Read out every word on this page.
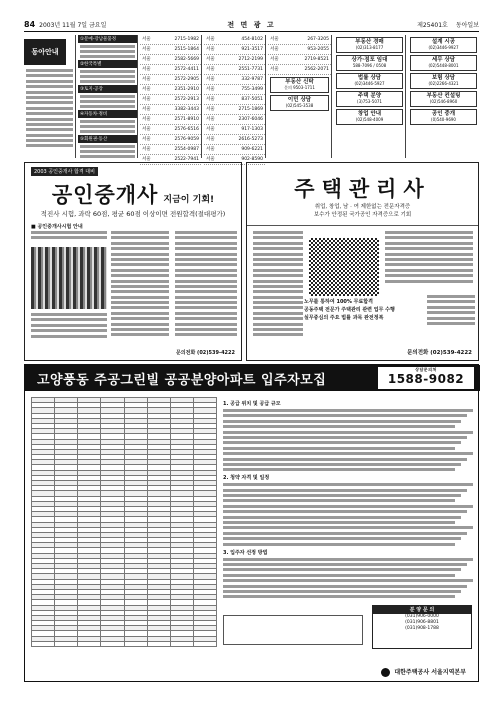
84 2003년 11월 7일 금요일	전 면 광 고	제25401호 동아일보
동아안내
①문예-강남물품정
②한국특별
③토지·공장
④자동차·정비
⑤회원권·동산
서울	2715-1982
서울	2515-1864
서울	2582-5669
서울	2572-4411
서울	2572-2905
서울	2351-2910
서울	2572-2913
서울	3382-3443
서울	2571-8910
서울	2576-6516
서울	2576-9059
서울	2554-0987
서울	2522-7941
서울	454-8102
서울	921-3517
서울	2712-2199
서울	2551-7731
서울	332-9787
서울	755-3499
서울	837-5051
서울	2715-1869
서울	2307-6046
서울	917-1303
서울	2616-5273
서울	909-6221
서울	902-8590
서울	267-3205
서울	953-2055
서울	2719-8521
서울	2562-2071
부동산 신탁
문의 9503-1711
이민 상담
(02)545-3538
부동산 경매
(02)313-8177
상가·점포 임대
588-7096 / 0508
법률 상담
(02)3446-5927
주택 분양
(3)753-5071
창업 안내
(02)548-4009
설계 시공
(02)3446-9927
세무 상담
(02)5448-8001
보험 상담
(02)2266-4321
부동산 컨설팅
(02)546-8960
공인 중개
(0)540-9690
2003 공인중개사 합격 대비
공인중개사 지금이 기회!
적진사 시험, 과락 60점, 평균 60점 이상이면 전원합격(절대평가)
■ 공인중개사시험 안내
문의전화 (02)539-4222
주택관리사
취업, 창업, 남 · 여 제한없는 전문자격증
보수가 안정된 국가공인 자격증으로 기회
노무를 통하여 100% 무료합격
공동주택 전문가 주택관리 관련 업무 수행
실무중심의 주요 법률 과목 완전정복
문의전화 (02)539-4222
고양풍동 주공그린빌 공공분양아파트 입주자모집
상담문의처
1588-9082

1. 공급 위치 및 공급 규모
2. 청약 자격 및 일정
3. 입주자 선정 방법
분 양 문 의
(031)906-0000
(031)906-8801
(031)908-1788
대한주택공사 서울지역본부
